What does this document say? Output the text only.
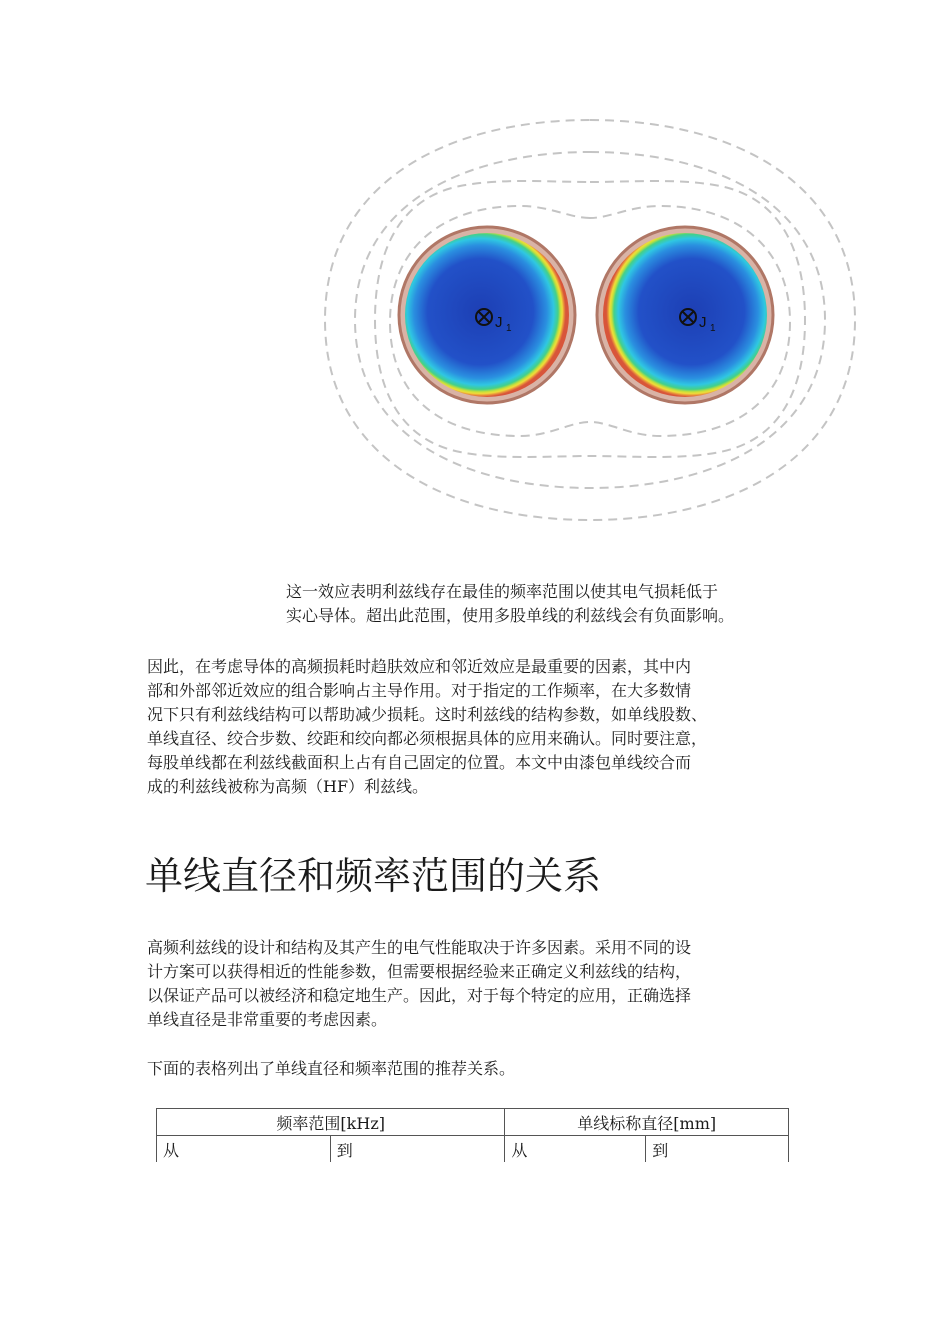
J 1	J 1
这一效应表明利兹线存在最佳的频率范围以使其电气损耗低于
实心导体。超出此范围，使用多股单线的利兹线会有负面影响。
因此，在考虑导体的高频损耗时趋肤效应和邻近效应是最重要的因素，其中内
部和外部邻近效应的组合影响占主导作用。对于指定的工作频率，在大多数情
况下只有利兹线结构可以帮助减少损耗。这时利兹线的结构参数，如单线股数、
单线直径、绞合步数、绞距和绞向都必须根据具体的应用来确认。同时要注意，
每股单线都在利兹线截面积上占有自己固定的位置。本文中由漆包单线绞合而
成的利兹线被称为高频（HF）利兹线。
单线直径和频率范围的关系
高频利兹线的设计和结构及其产生的电气性能取决于许多因素。采用不同的设
计方案可以获得相近的性能参数，但需要根据经验来正确定义利兹线的结构，
以保证产品可以被经济和稳定地生产。因此，对于每个特定的应用，正确选择
单线直径是非常重要的考虑因素。
下面的表格列出了单线直径和频率范围的推荐关系。
频率范围[kHz]		单线标称直径[mm]	
从	到	从	到
